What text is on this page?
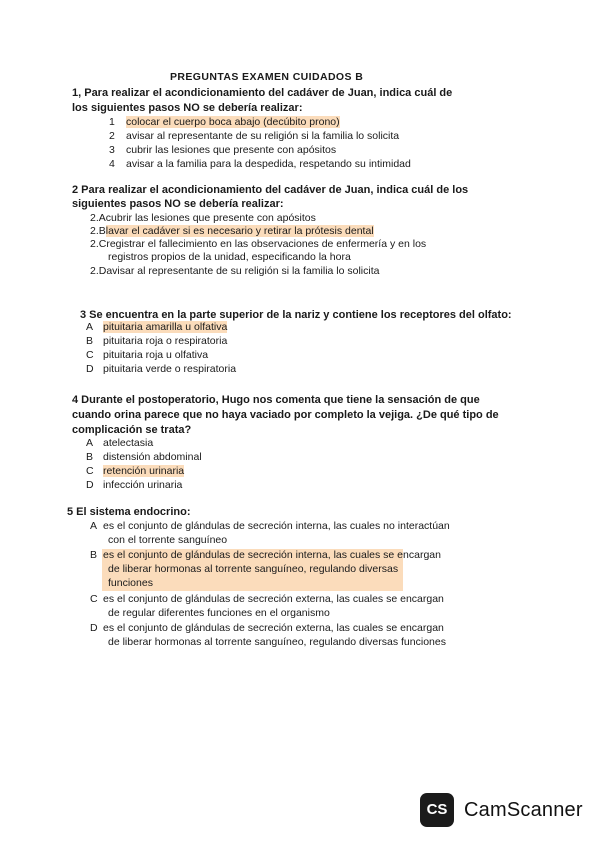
PREGUNTAS EXAMEN CUIDADOS B
1, Para realizar el acondicionamiento del cadáver de Juan, indica cuál de
los siguientes pasos NO se debería realizar:
1 colocar el cuerpo boca abajo (decúbito prono)
2 avisar al representante de su religión si la familia lo solicita
3 cubrir las lesiones que presente con apósitos
4 avisar a la familia para la despedida, respetando su intimidad
2 Para realizar el acondicionamiento del cadáver de Juan, indica cuál de los
siguientes pasos NO se debería realizar:
2.Acubrir las lesiones que presente con apósitos
2.Blavar el cadáver si es necesario y retirar la prótesis dental
2.Cregistrar el fallecimiento en las observaciones de enfermería y en los
registros propios de la unidad, especificando la hora
2.Davisar al representante de su religión si la familia lo solicita
3 Se encuentra en la parte superior de la nariz y contiene los receptores del olfato:
A pituitaria amarilla u olfativa
B pituitaria roja o respiratoria
C pituitaria roja u olfativa
D pituitaria verde o respiratoria
4 Durante el postoperatorio, Hugo nos comenta que tiene la sensación de que
cuando orina parece que no haya vaciado por completo la vejiga. ¿De qué tipo de
complicación se trata?
A atelectasia
B distensión abdominal
C retención urinaria
D infección urinaria
5 El sistema endocrino:
A es el conjunto de glándulas de secreción interna, las cuales no interactúan
con el torrente sanguíneo
B es el conjunto de glándulas de secreción interna, las cuales se encargan
de liberar hormonas al torrente sanguíneo, regulando diversas
funciones
C es el conjunto de glándulas de secreción externa, las cuales se encargan
de regular diferentes funciones en el organismo
D es el conjunto de glándulas de secreción externa, las cuales se encargan
de liberar hormonas al torrente sanguíneo, regulando diversas funciones
CS CamScanner
